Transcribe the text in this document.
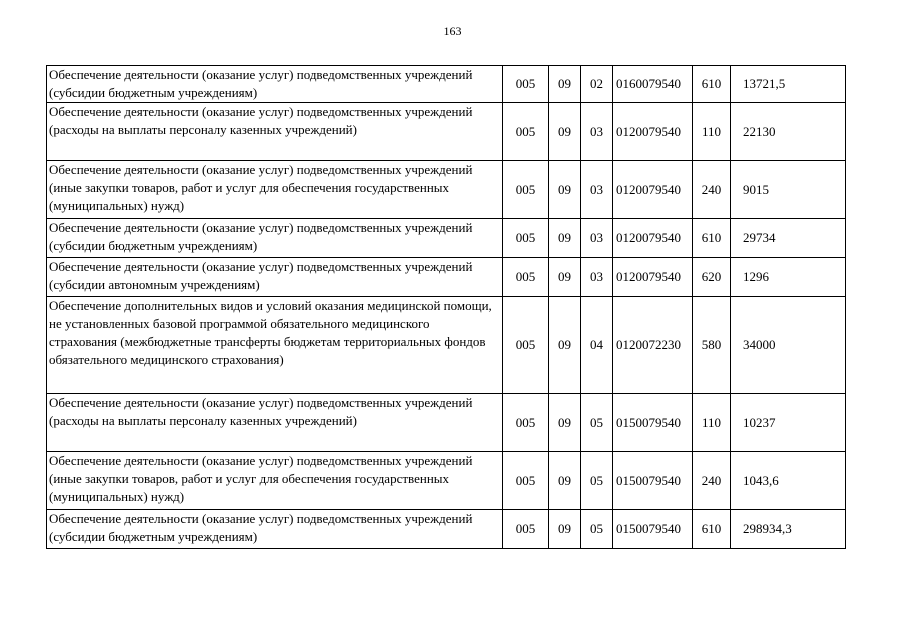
163
Обеспечение деятельности (оказание услуг) подведомственных учреждений (субсидии бюджетным учреждениям)	005	09	02	0160079540	610	13721,5
Обеспечение деятельности (оказание услуг) подведомственных учреждений (расходы на выплаты персоналу казенных учреждений)	005	09	03	0120079540	110	22130
Обеспечение деятельности (оказание услуг) подведомственных учреждений (иные закупки товаров, работ и услуг для обеспечения государственных (муниципальных) нужд)	005	09	03	0120079540	240	9015
Обеспечение деятельности (оказание услуг) подведомственных учреждений (субсидии бюджетным учреждениям)	005	09	03	0120079540	610	29734
Обеспечение деятельности (оказание услуг) подведомственных учреждений (субсидии автономным учреждениям)	005	09	03	0120079540	620	1296
Обеспечение дополнительных видов и условий оказания медицинской помощи, не установленных базовой программой обязательного медицинского страхования (межбюджетные трансферты бюджетам территориальных фондов обязательного медицинского страхования)	005	09	04	0120072230	580	34000
Обеспечение деятельности (оказание услуг) подведомственных учреждений (расходы на выплаты персоналу казенных учреждений)	005	09	05	0150079540	110	10237
Обеспечение деятельности (оказание услуг) подведомственных учреждений (иные закупки товаров, работ и услуг для обеспечения государственных (муниципальных) нужд)	005	09	05	0150079540	240	1043,6
Обеспечение деятельности (оказание услуг) подведомственных учреждений (субсидии бюджетным учреждениям)	005	09	05	0150079540	610	298934,3
